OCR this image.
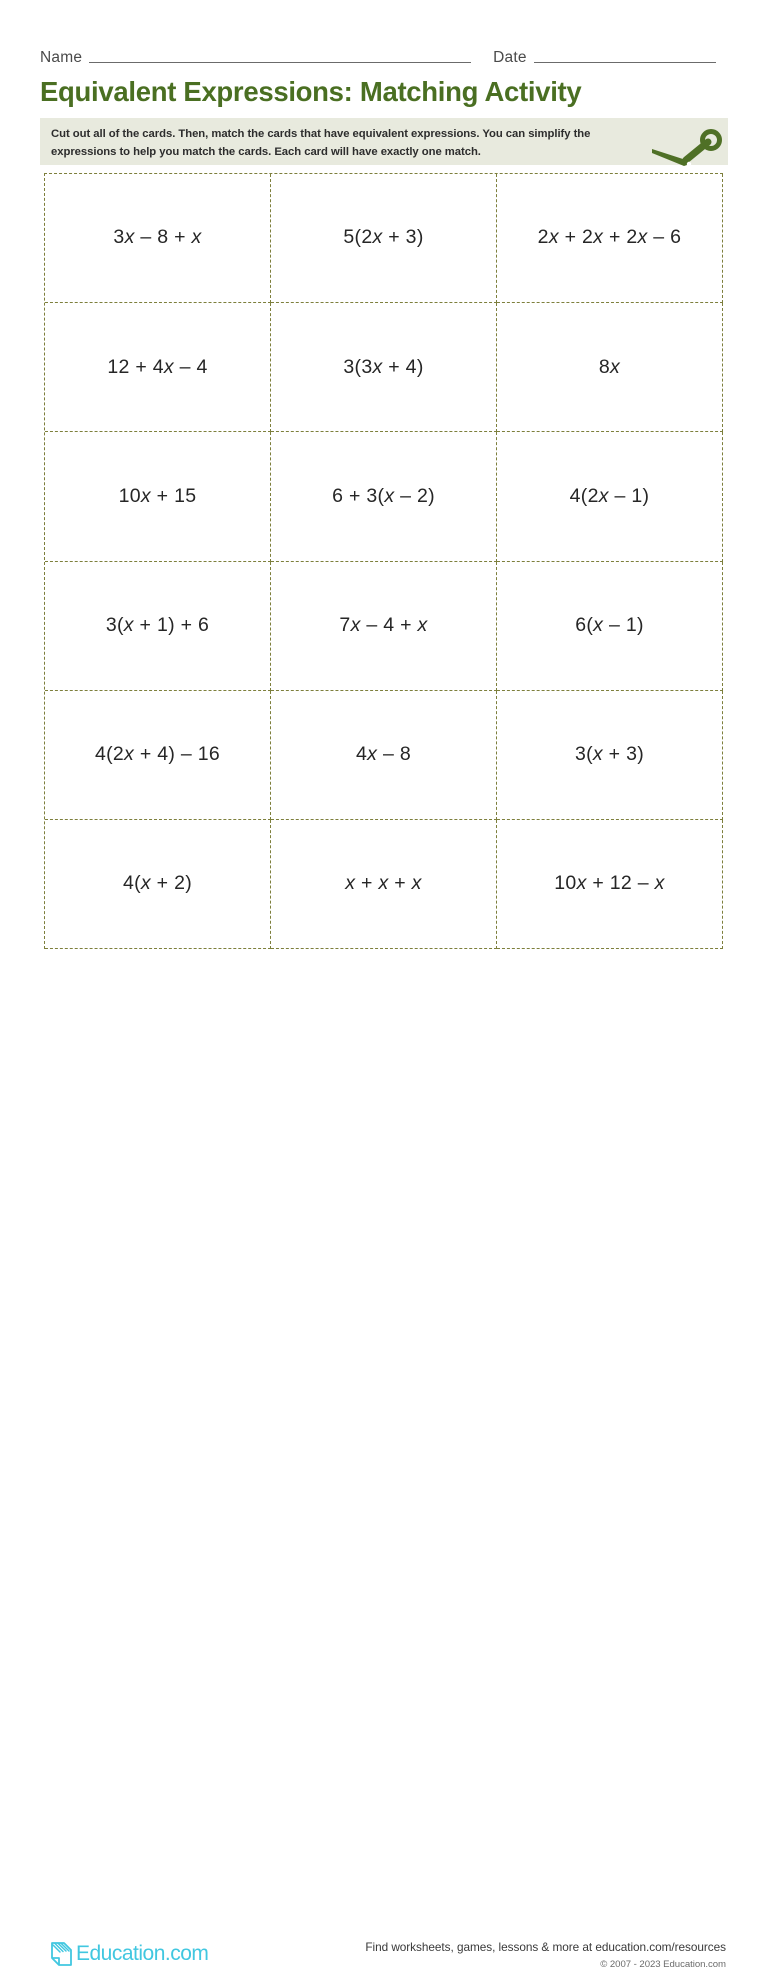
Name	Date
Equivalent Expressions: Matching Activity

Cut out all of the cards. Then, match the cards that have equivalent expressions. You can simplify the expressions to help you match the cards. Each card will have exactly one match.

3x – 8 + x	5(2x + 3)	2x + 2x + 2x – 6
12 + 4x – 4	3(3x + 4)	8x
10x + 15	6 + 3(x – 2)	4(2x – 1)
3(x + 1) + 6	7x – 4 + x	6(x – 1)
4(2x + 4) – 16	4x – 8	3(x + 3)
4(x + 2)	x + x + x	10x + 12 – x
Education.com	Find worksheets, games, lessons & more at education.com/resources
© 2007 - 2023 Education.com
